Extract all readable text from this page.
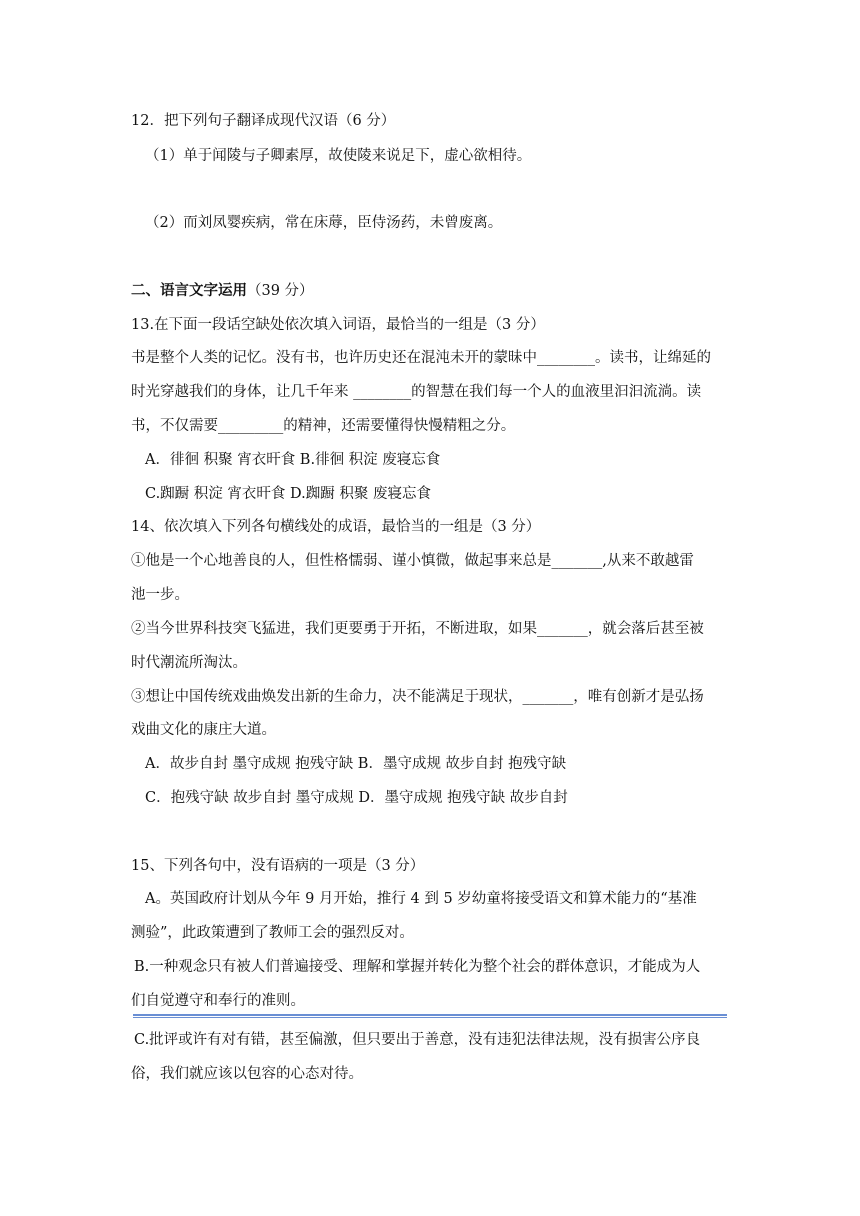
12．把下列句子翻译成现代汉语（6 分）
（1）单于闻陵与子卿素厚，故使陵来说足下，虚心欲相待。
（2）而刘凤婴疾病，常在床蓐，臣侍汤药，未曾废离。
二、语言文字运用（39 分）
13.在下面一段话空缺处依次填入词语，最恰当的一组是（3 分）
书是整个人类的记忆。没有书，也许历史还在混沌未开的蒙昧中________。读书，让绵延的
时光穿越我们的身体，让几千年来 ________的智慧在我们每一个人的血液里汩汩流淌。读
书，不仅需要_________的精神，还需要懂得快慢精粗之分。
A．徘徊 积聚 宵衣旰食 B.徘徊 积淀 废寝忘食
C.踟蹰 积淀 宵衣旰食 D.踟蹰 积聚 废寝忘食
14、依次填入下列各句横线处的成语，最恰当的一组是（3 分）
①他是一个心地善良的人，但性格懦弱、谨小慎微，做起事来总是_______,从来不敢越雷
池一步。
②当今世界科技突飞猛进，我们更要勇于开拓，不断进取，如果_______，就会落后甚至被
时代潮流所淘汰。
③想让中国传统戏曲焕发出新的生命力，决不能满足于现状，_______，唯有创新才是弘扬
戏曲文化的康庄大道。
A．故步自封 墨守成规 抱残守缺 B．墨守成规 故步自封 抱残守缺
C．抱残守缺 故步自封 墨守成规 D．墨守成规 抱残守缺 故步自封
15、下列各句中，没有语病的一项是（3 分）
A。英国政府计划从今年 9 月开始，推行 4 到 5 岁幼童将接受语文和算术能力的“基准
测验”，此政策遭到了教师工会的强烈反对。
B.一种观念只有被人们普遍接受、理解和掌握并转化为整个社会的群体意识，才能成为人
们自觉遵守和奉行的准则。
C.批评或许有对有错，甚至偏激，但只要出于善意，没有违犯法律法规，没有损害公序良
俗，我们就应该以包容的心态对待。
